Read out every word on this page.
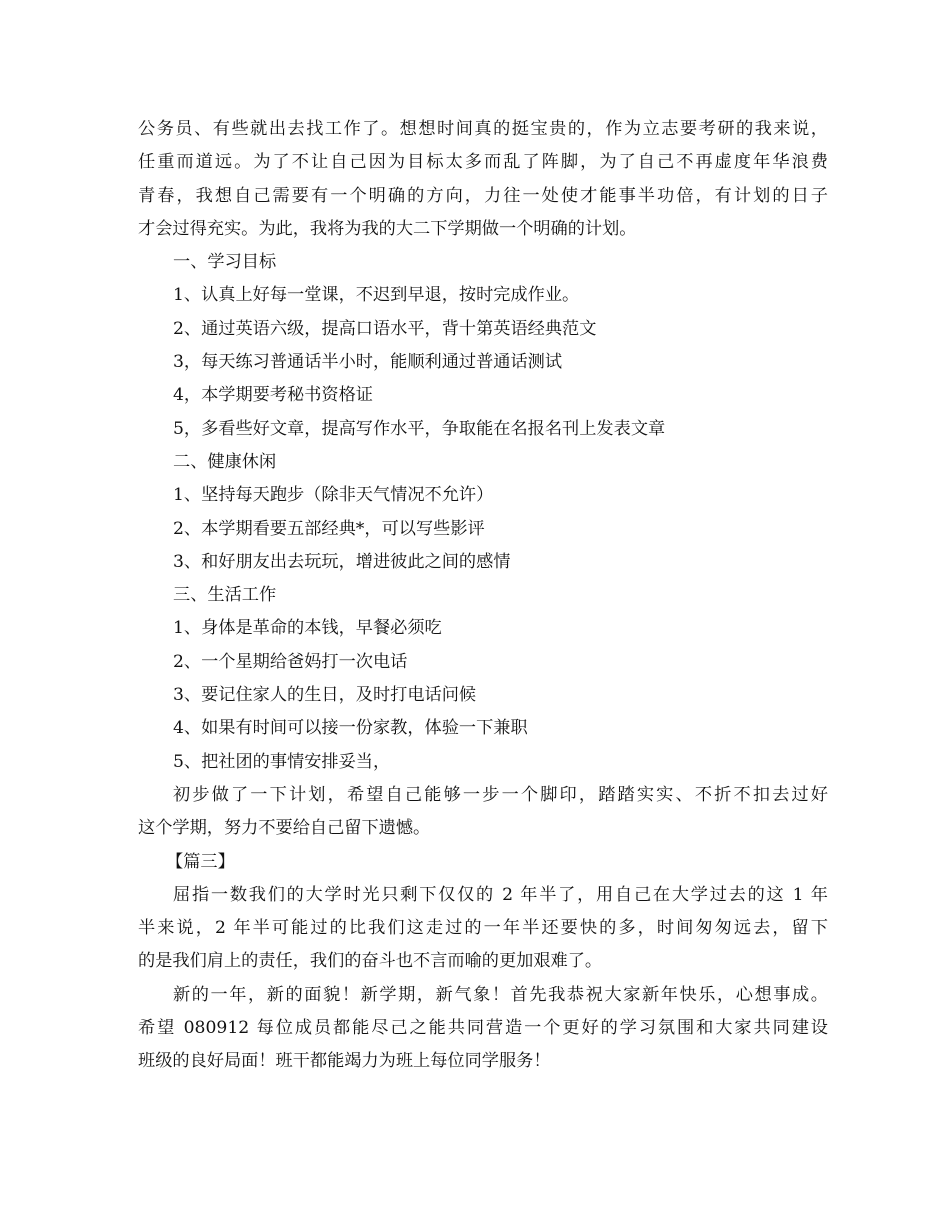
公务员、有些就出去找工作了。想想时间真的挺宝贵的，作为立志要考研的我来说，

任重而道远。为了不让自己因为目标太多而乱了阵脚，为了自己不再虚度年华浪费

青春，我想自己需要有一个明确的方向，力往一处使才能事半功倍，有计划的日子

才会过得充实。为此，我将为我的大二下学期做一个明确的计划。

一、学习目标

1、认真上好每一堂课，不迟到早退，按时完成作业。

2、通过英语六级，提高口语水平，背十第英语经典范文

3，每天练习普通话半小时，能顺利通过普通话测试

4，本学期要考秘书资格证

5，多看些好文章，提高写作水平，争取能在名报名刊上发表文章

二、健康休闲

1、坚持每天跑步（除非天气情况不允许）

2、本学期看要五部经典*，可以写些影评

3、和好朋友出去玩玩，增进彼此之间的感情

三、生活工作

1、身体是革命的本钱，早餐必须吃

2、一个星期给爸妈打一次电话

3、要记住家人的生日，及时打电话问候

4、如果有时间可以接一份家教，体验一下兼职

5、把社团的事情安排妥当，

初步做了一下计划，希望自己能够一步一个脚印，踏踏实实、不折不扣去过好

这个学期，努力不要给自己留下遗憾。

【篇三】

屈指一数我们的大学时光只剩下仅仅的 2 年半了，用自己在大学过去的这 1 年

半来说，2 年半可能过的比我们这走过的一年半还要快的多，时间匆匆远去，留下

的是我们肩上的责任，我们的奋斗也不言而喻的更加艰难了。

新的一年，新的面貌！新学期，新气象！首先我恭祝大家新年快乐，心想事成。

希望 080912 每位成员都能尽己之能共同营造一个更好的学习氛围和大家共同建设

班级的良好局面！班干都能竭力为班上每位同学服务！
